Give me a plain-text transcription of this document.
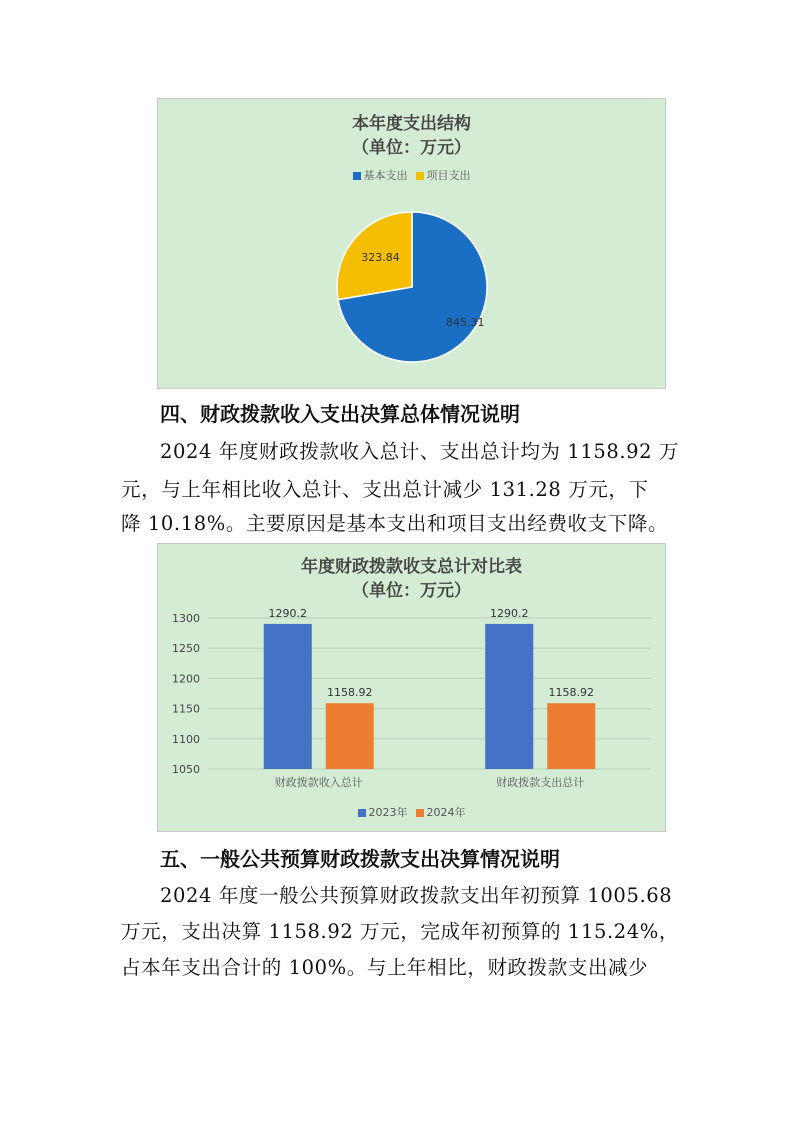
本年度支出结构
（单位：万元）
基本支出 项目支出
845.31
323.84
四、财政拨款收入支出决算总体情况说明
2024 年度财政拨款收入总计、支出总计均为 1158.92 万
元，与上年相比收入总计、支出总计减少 131.28 万元，下
降 10.18%。主要原因是基本支出和项目支出经费收支下降。
年度财政拨款收支总计对比表
（单位：万元）
1050
1100
1150
1200
1250
1300	1290.2
1158.92
财政拨款收入总计
1290.2
1158.92
财政拨款支出总计
2023年 2024年
五、一般公共预算财政拨款支出决算情况说明
2024 年度一般公共预算财政拨款支出年初预算 1005.68
万元，支出决算 1158.92 万元，完成年初预算的 115.24%，
占本年支出合计的 100%。与上年相比，财政拨款支出减少
